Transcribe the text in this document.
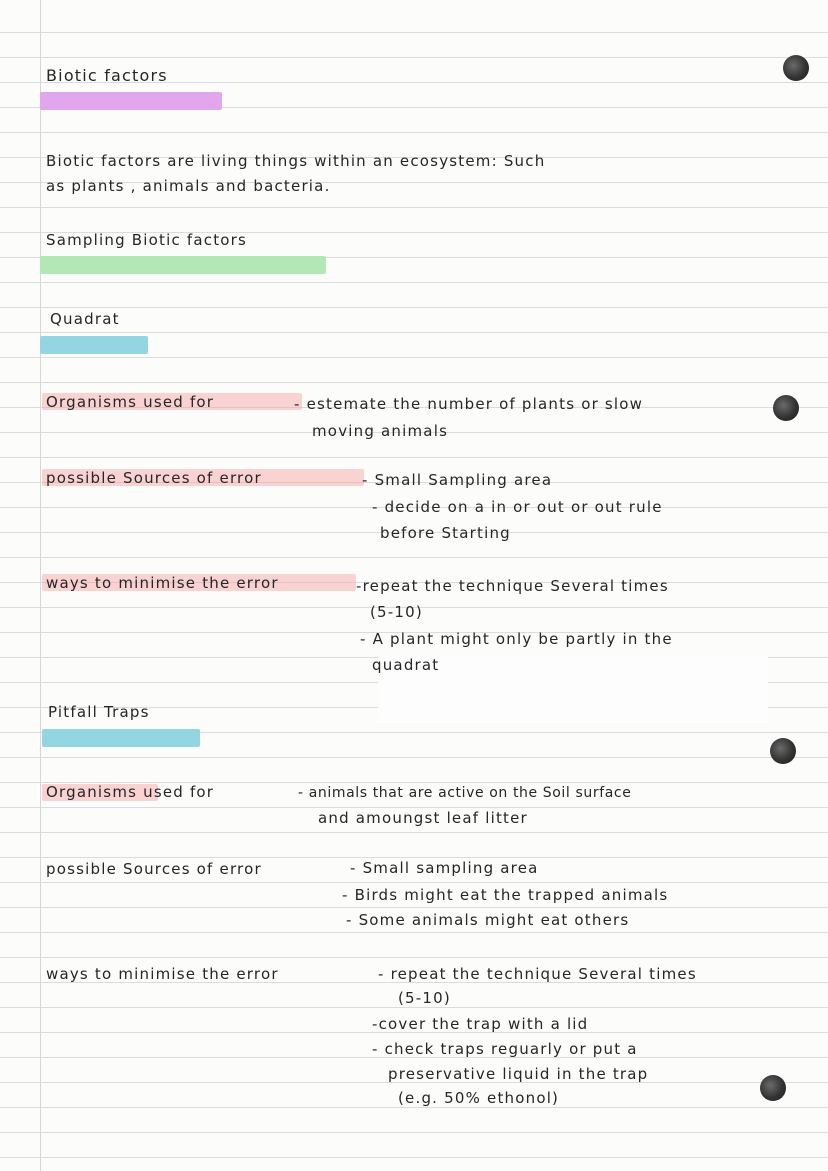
Biotic factors
Biotic factors are living things within an ecosystem: Such
as plants , animals and bacteria.
Sampling Biotic factors
Quadrat
Organisms used for	- estemate the number of plants or slow
moving animals
possible Sources of error	- Small Sampling area
- decide on a in or out or out rule
before Starting
ways to minimise the error	-repeat the technique Several times
(5-10)
- A plant might only be partly in the
quadrat
Pitfall Traps
Organisms used for	- animals that are active on the Soil surface
and amoungst leaf litter
possible Sources of error	- Small sampling area
- Birds might eat the trapped animals
- Some animals might eat others
ways to minimise the error	- repeat the technique Several times
(5-10)
-cover the trap with a lid
- check traps reguarly or put a
preservative liquid in the trap
(e.g. 50% ethonol)
